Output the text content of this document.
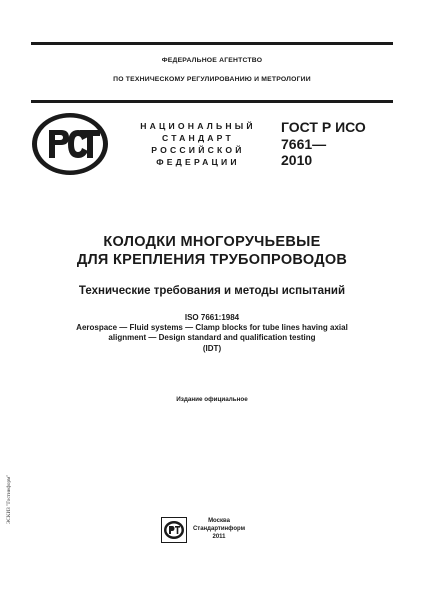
ФЕДЕРАЛЬНОЕ АГЕНТСТВО
ПО ТЕХНИЧЕСКОМУ РЕГУЛИРОВАНИЮ И МЕТРОЛОГИИ
НАЦИОНАЛЬНЫЙ
СТАНДАРТ
РОССИЙСКОЙ
ФЕДЕРАЦИИ
ГОСТ Р ИСО
7661—
2010
КОЛОДКИ МНОГОРУЧЬЕВЫЕ
ДЛЯ КРЕПЛЕНИЯ ТРУБОПРОВОДОВ
Технические требования и методы испытаний
ISO 7661:1984
Aerospace — Fluid systems — Clamp blocks for tube lines having axial
alignment — Design standard and qualification testing
(IDT)
Издание официальное
Москва
Стандартинформ
2011
ЭСКИЗ "Гостинформ"
